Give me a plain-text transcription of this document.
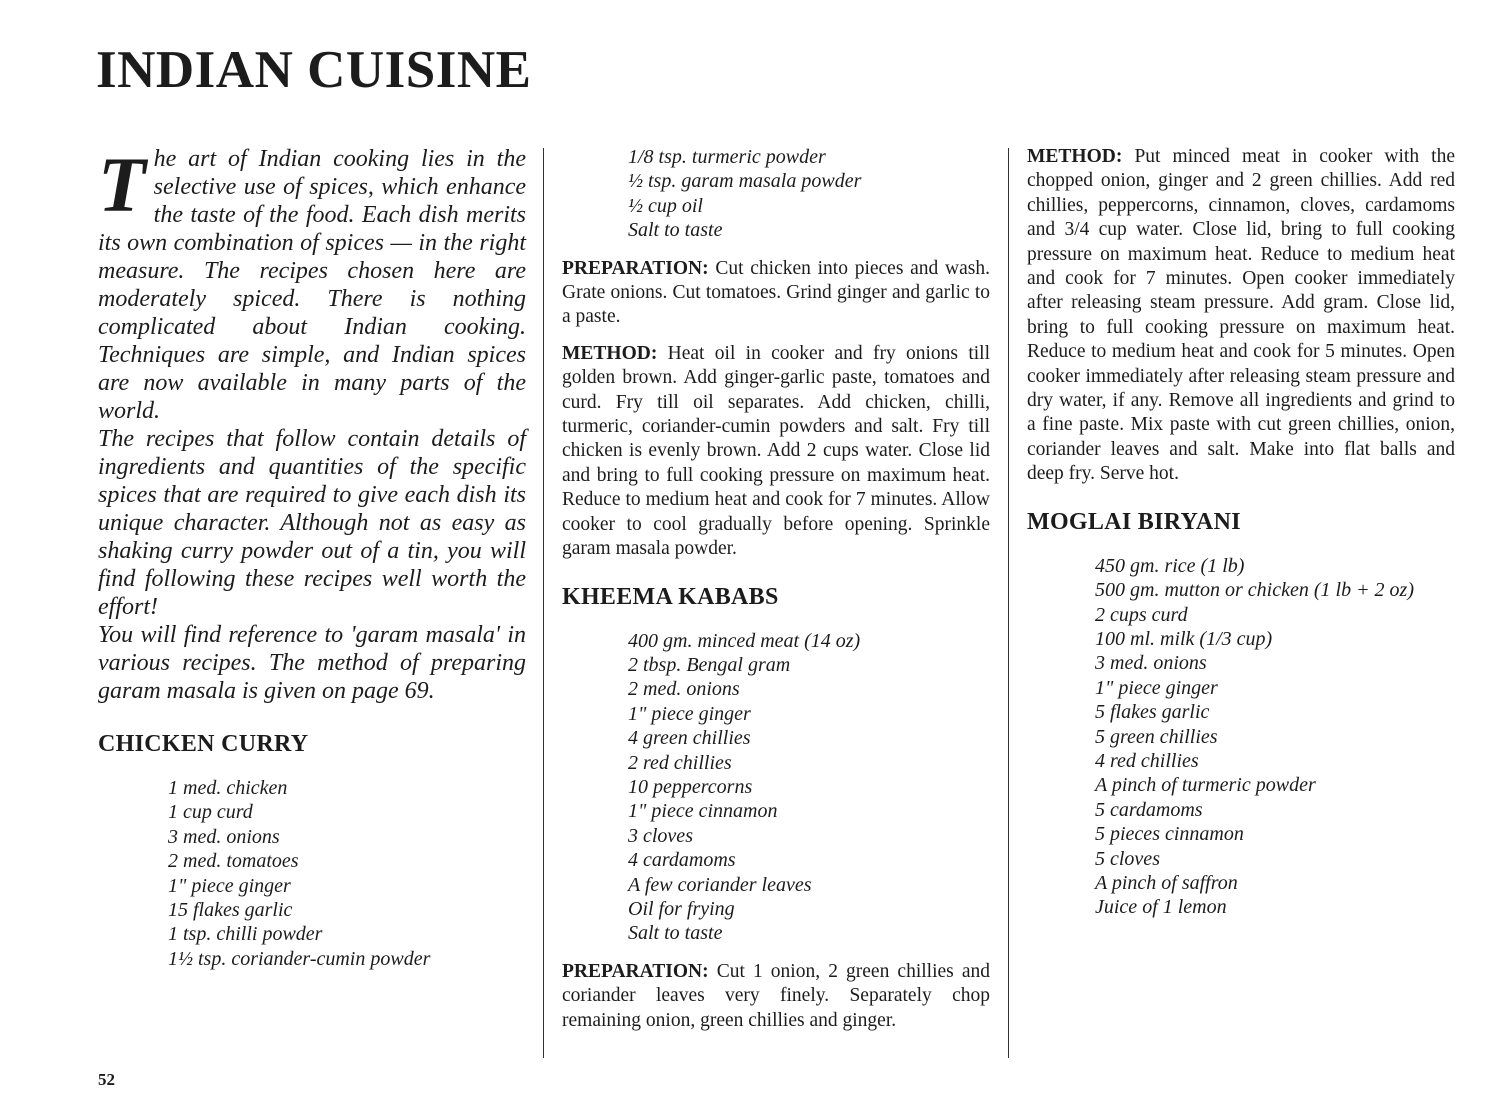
INDIAN CUISINE

The art of Indian cooking lies in the selective use of spices, which enhance the taste of the food. Each dish merits its own combination of spices — in the right measure. The recipes chosen here are moderately spiced. There is nothing complicated about Indian cooking. Techniques are simple, and Indian spices are now available in many parts of the world.

The recipes that follow contain details of ingredients and quantities of the specific spices that are required to give each dish its unique character. Although not as easy as shaking curry powder out of a tin, you will find following these recipes well worth the effort!

You will find reference to 'garam masala' in various recipes. The method of preparing garam masala is given on page 69.

CHICKEN CURRY
1 med. chicken
1 cup curd
3 med. onions
2 med. tomatoes
1" piece ginger
15 flakes garlic
1 tsp. chilli powder
1½ tsp. coriander-cumin powder
1/8 tsp. turmeric powder
½ tsp. garam masala powder
½ cup oil
Salt to taste

PREPARATION: Cut chicken into pieces and wash. Grate onions. Cut tomatoes. Grind ginger and garlic to a paste.

METHOD: Heat oil in cooker and fry onions till golden brown. Add ginger-garlic paste, tomatoes and curd. Fry till oil separates. Add chicken, chilli, turmeric, coriander-cumin powders and salt. Fry till chicken is evenly brown. Add 2 cups water. Close lid and bring to full cooking pressure on maximum heat. Reduce to medium heat and cook for 7 minutes. Allow cooker to cool gradually before opening. Sprinkle garam masala powder.

KHEEMA KABABS
400 gm. minced meat (14 oz)
2 tbsp. Bengal gram
2 med. onions
1" piece ginger
4 green chillies
2 red chillies
10 peppercorns
1" piece cinnamon
3 cloves
4 cardamoms
A few coriander leaves
Oil for frying
Salt to taste

PREPARATION: Cut 1 onion, 2 green chillies and coriander leaves very finely. Separately chop remaining onion, green chillies and ginger.

METHOD: Put minced meat in cooker with the chopped onion, ginger and 2 green chillies. Add red chillies, peppercorns, cinnamon, cloves, cardamoms and 3/4 cup water. Close lid, bring to full cooking pressure on maximum heat. Reduce to medium heat and cook for 7 minutes. Open cooker immediately after releasing steam pressure. Add gram. Close lid, bring to full cooking pressure on maximum heat. Reduce to medium heat and cook for 5 minutes. Open cooker immediately after releasing steam pressure and dry water, if any. Remove all ingredients and grind to a fine paste. Mix paste with cut green chillies, onion, coriander leaves and salt. Make into flat balls and deep fry. Serve hot.

MOGLAI BIRYANI
450 gm. rice (1 lb)
500 gm. mutton or chicken (1 lb + 2 oz)
2 cups curd
100 ml. milk (1/3 cup)
3 med. onions
1" piece ginger
5 flakes garlic
5 green chillies
4 red chillies
A pinch of turmeric powder
5 cardamoms
5 pieces cinnamon
5 cloves
A pinch of saffron
Juice of 1 lemon
52
